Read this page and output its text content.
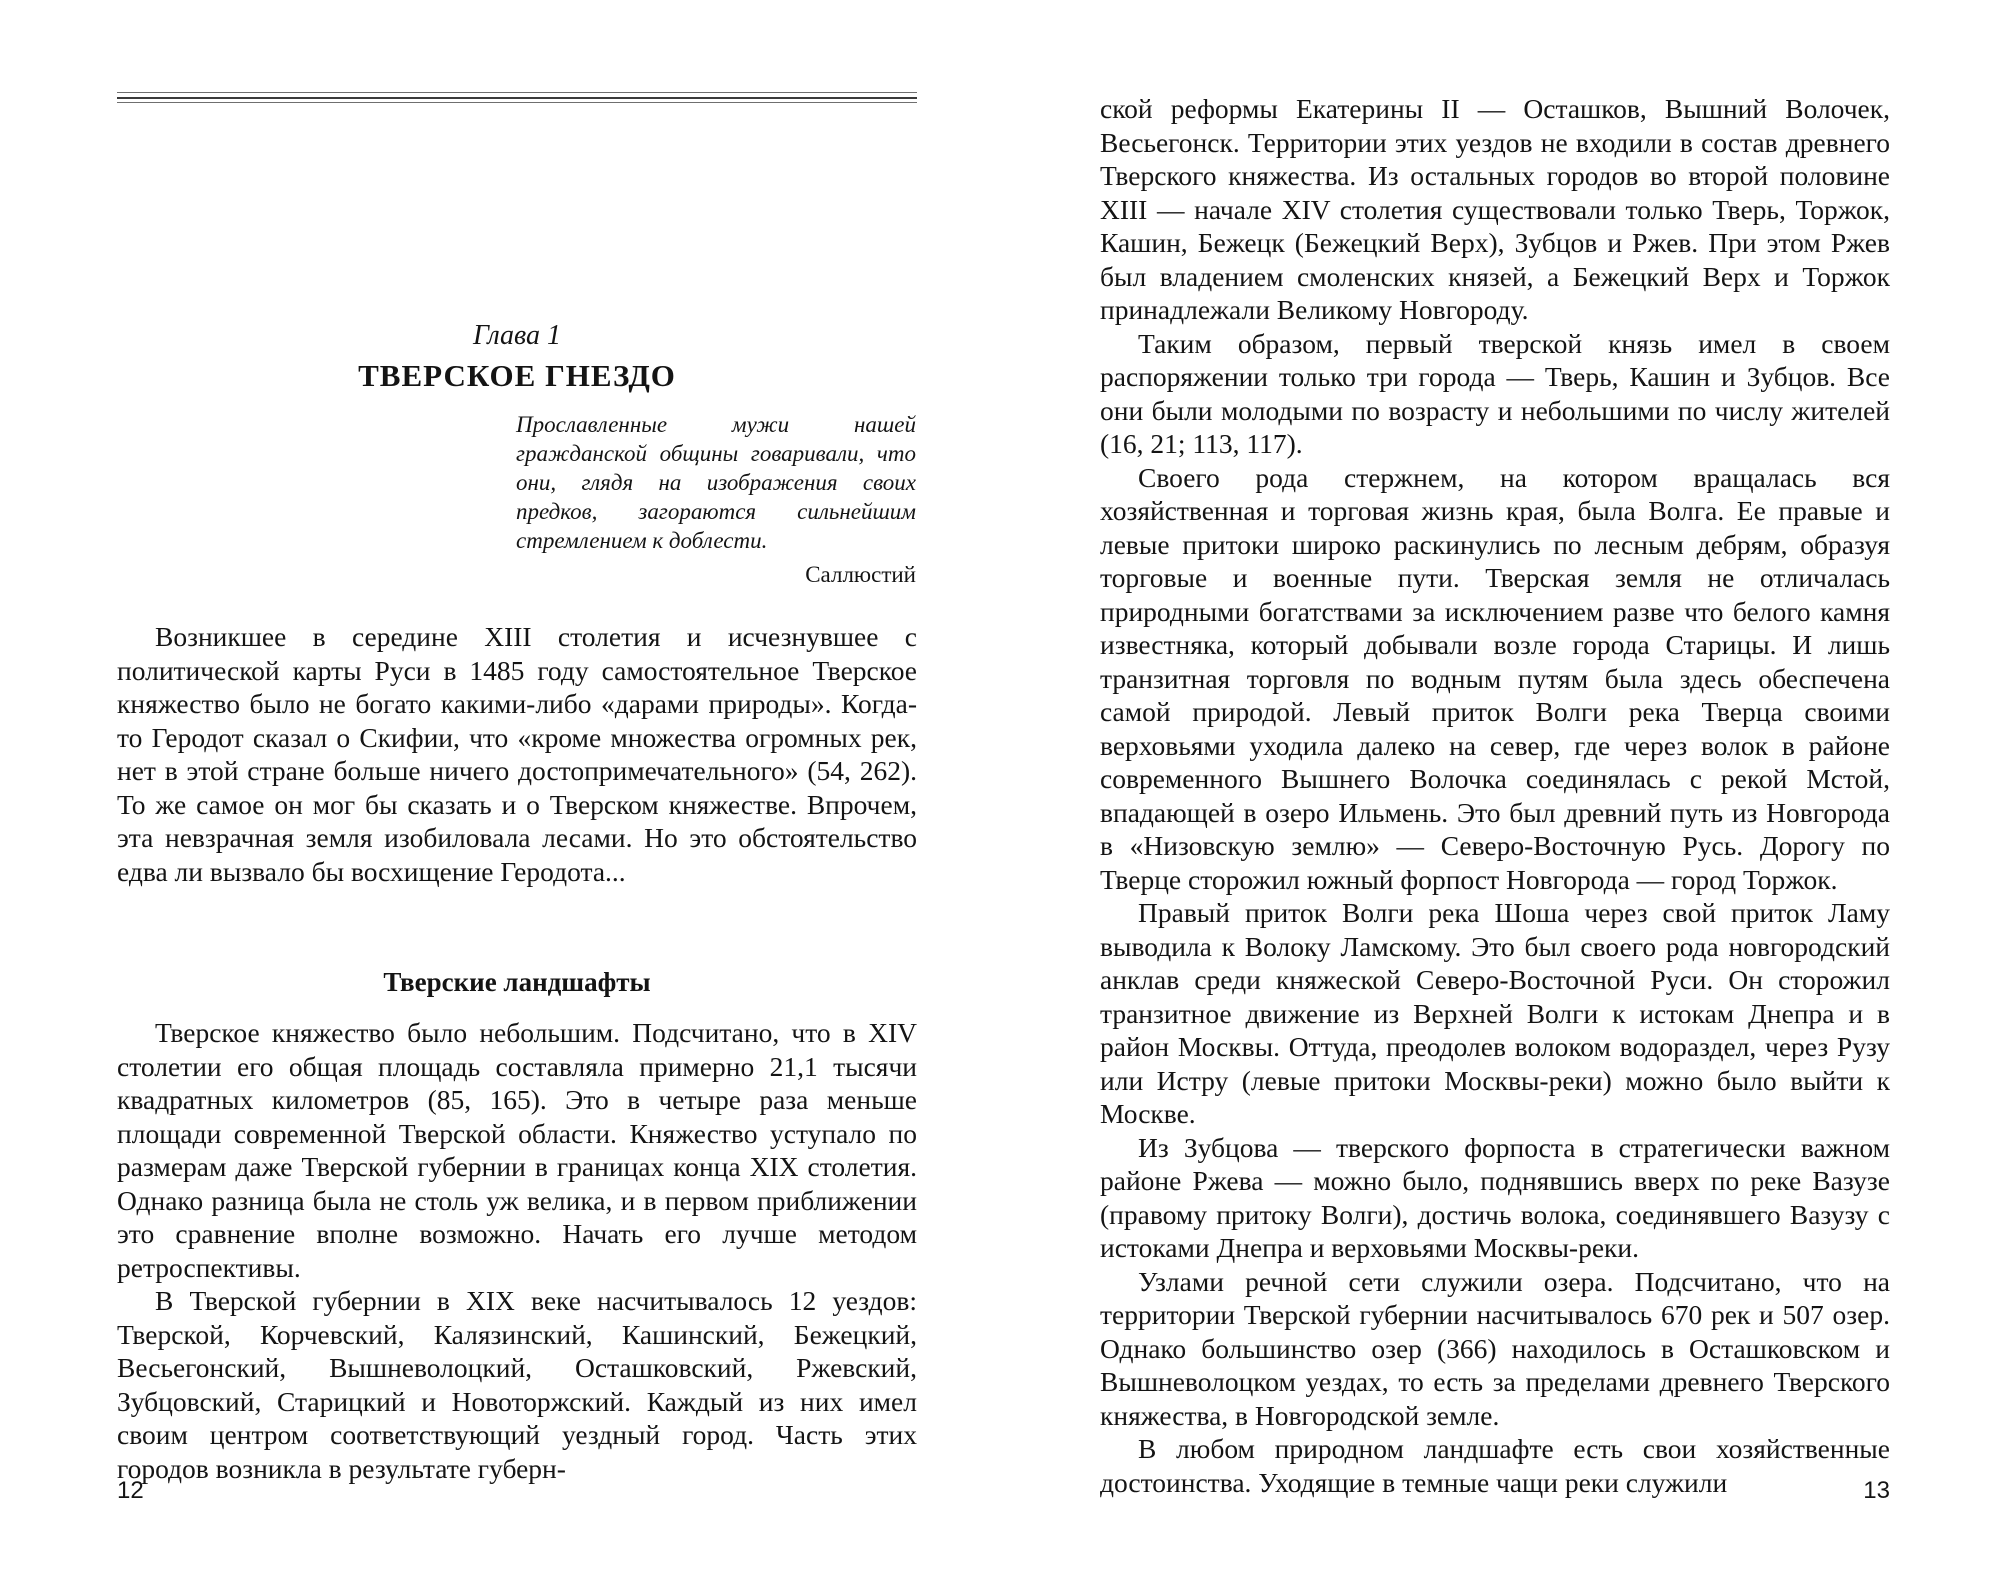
Глава 1
ТВЕРСКОЕ ГНЕЗДО
Прославленные мужи нашей гражданской общины говаривали, что они, глядя на изображения своих предков, загораются сильнейшим стремлением к доблести.
Саллюстий

Возникшее в середине XIII столетия и исчезнувшее с политической карты Руси в 1485 году самостоятельное Тверское княжество было не богато какими-либо «дарами природы». Когда-то Геродот сказал о Скифии, что «кроме множества огромных рек, нет в этой стране больше ничего достопримечательного» (54, 262). То же самое он мог бы сказать и о Тверском княжестве. Впрочем, эта невзрачная земля изобиловала лесами. Но это обстоятельство едва ли вызвало бы восхищение Геродота...

Тверские ландшафты

Тверское княжество было небольшим. Подсчитано, что в XIV столетии его общая площадь составляла примерно 21,1 тысячи квадратных километров (85, 165). Это в четыре раза меньше площади современной Тверской области. Княжество уступало по размерам даже Тверской губернии в границах конца XIX столетия. Однако разница была не столь уж велика, и в первом приближении это сравнение вполне возможно. Начать его лучше методом ретроспективы.

В Тверской губернии в XIX веке насчитывалось 12 уездов: Тверской, Корчевский, Калязинский, Кашинский, Бежецкий, Весьегонский, Вышневолоцкий, Осташковский, Ржевский, Зубцовский, Старицкий и Новоторжский. Каждый из них имел своим центром соответствующий уездный город. Часть этих городов возникла в результате губерн-

12

ской реформы Екатерины II — Осташков, Вышний Волочек, Весьегонск. Территории этих уездов не входили в состав древнего Тверского княжества. Из остальных городов во второй половине XIII — начале XIV столетия существовали только Тверь, Торжок, Кашин, Бежецк (Бежецкий Верх), Зубцов и Ржев. При этом Ржев был владением смоленских князей, а Бежецкий Верх и Торжок принадлежали Великому Новгороду.

Таким образом, первый тверской князь имел в своем распоряжении только три города — Тверь, Кашин и Зубцов. Все они были молодыми по возрасту и небольшими по числу жителей (16, 21; 113, 117).

Своего рода стержнем, на котором вращалась вся хозяйственная и торговая жизнь края, была Волга. Ее правые и левые притоки широко раскинулись по лесным дебрям, образуя торговые и военные пути. Тверская земля не отличалась природными богатствами за исключением разве что белого камня известняка, который добывали возле города Старицы. И лишь транзитная торговля по водным путям была здесь обеспечена самой природой. Левый приток Волги река Тверца своими верховьями уходила далеко на север, где через волок в районе современного Вышнего Волочка соединялась с рекой Мстой, впадающей в озеро Ильмень. Это был древний путь из Новгорода в «Низовскую землю» — Северо-Восточную Русь. Дорогу по Тверце сторожил южный форпост Новгорода — город Торжок.

Правый приток Волги река Шоша через свой приток Ламу выводила к Волоку Ламскому. Это был своего рода новгородский анклав среди княжеской Северо-Восточной Руси. Он сторожил транзитное движение из Верхней Волги к истокам Днепра и в район Москвы. Оттуда, преодолев волоком водораздел, через Рузу или Истру (левые притоки Москвы-реки) можно было выйти к Москве.

Из Зубцова — тверского форпоста в стратегически важном районе Ржева — можно было, поднявшись вверх по реке Вазузе (правому притоку Волги), достичь волока, соединявшего Вазузу с истоками Днепра и верховьями Москвы-реки.

Узлами речной сети служили озера. Подсчитано, что на территории Тверской губернии насчитывалось 670 рек и 507 озер. Однако большинство озер (366) находилось в Осташковском и Вышневолоцком уездах, то есть за пределами древнего Тверского княжества, в Новгородской земле.

В любом природном ландшафте есть свои хозяйственные достоинства. Уходящие в темные чащи реки служили	13
